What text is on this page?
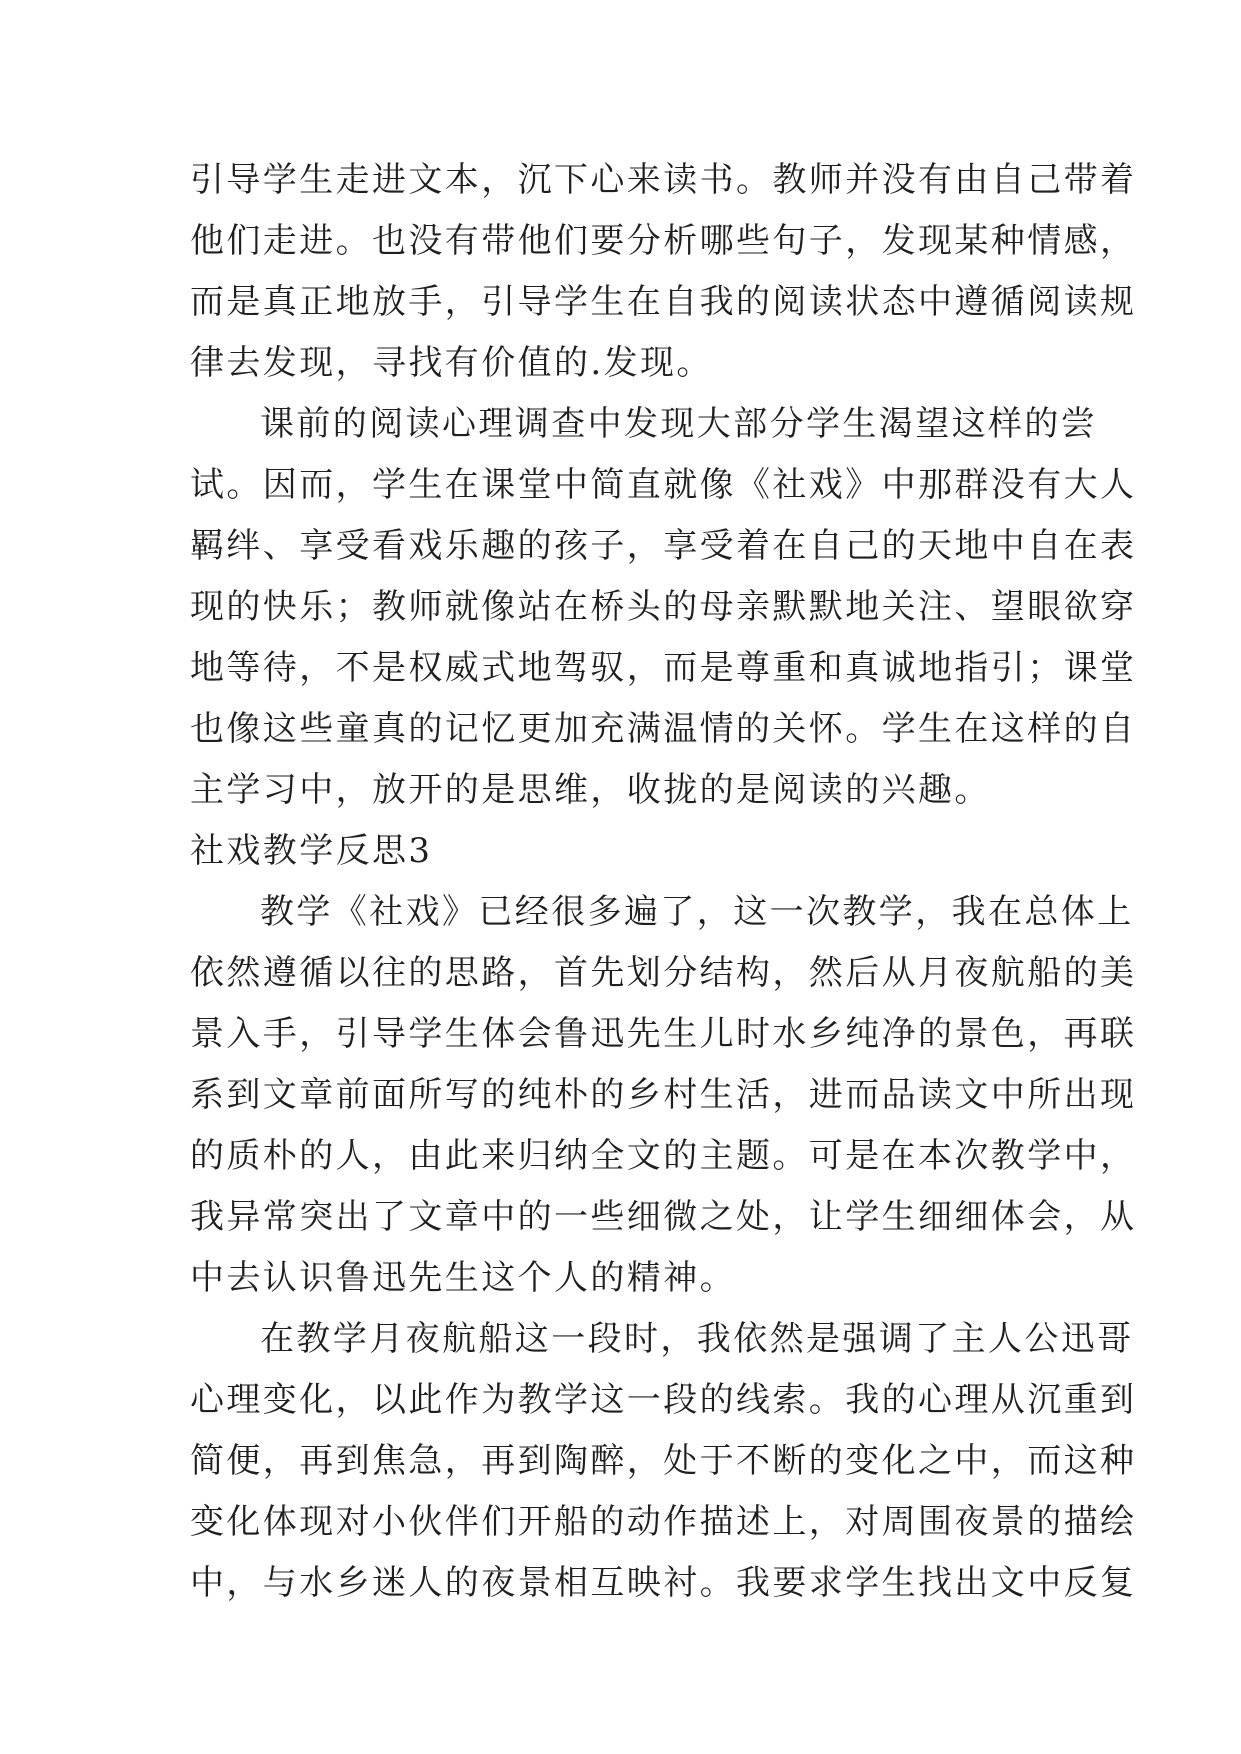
引导学生走进文本，沉下心来读书。教师并没有由自己带着
他们走进。也没有带他们要分析哪些句子，发现某种情感，
而是真正地放手，引导学生在自我的阅读状态中遵循阅读规
律去发现，寻找有价值的.发现。
课前的阅读心理调查中发现大部分学生渴望这样的尝
试。因而，学生在课堂中简直就像《社戏》中那群没有大人
羁绊、享受看戏乐趣的孩子，享受着在自己的天地中自在表
现的快乐；教师就像站在桥头的母亲默默地关注、望眼欲穿
地等待，不是权威式地驾驭，而是尊重和真诚地指引；课堂
也像这些童真的记忆更加充满温情的关怀。学生在这样的自
主学习中，放开的是思维，收拢的是阅读的兴趣。
社戏教学反思3
教学《社戏》已经很多遍了，这一次教学，我在总体上
依然遵循以往的思路，首先划分结构，然后从月夜航船的美
景入手，引导学生体会鲁迅先生儿时水乡纯净的景色，再联
系到文章前面所写的纯朴的乡村生活，进而品读文中所出现
的质朴的人，由此来归纳全文的主题。可是在本次教学中，
我异常突出了文章中的一些细微之处，让学生细细体会，从
中去认识鲁迅先生这个人的精神。
在教学月夜航船这一段时，我依然是强调了主人公迅哥
心理变化，以此作为教学这一段的线索。我的心理从沉重到
简便，再到焦急，再到陶醉，处于不断的变化之中，而这种
变化体现对小伙伴们开船的动作描述上，对周围夜景的描绘
中，与水乡迷人的夜景相互映衬。我要求学生找出文中反复
